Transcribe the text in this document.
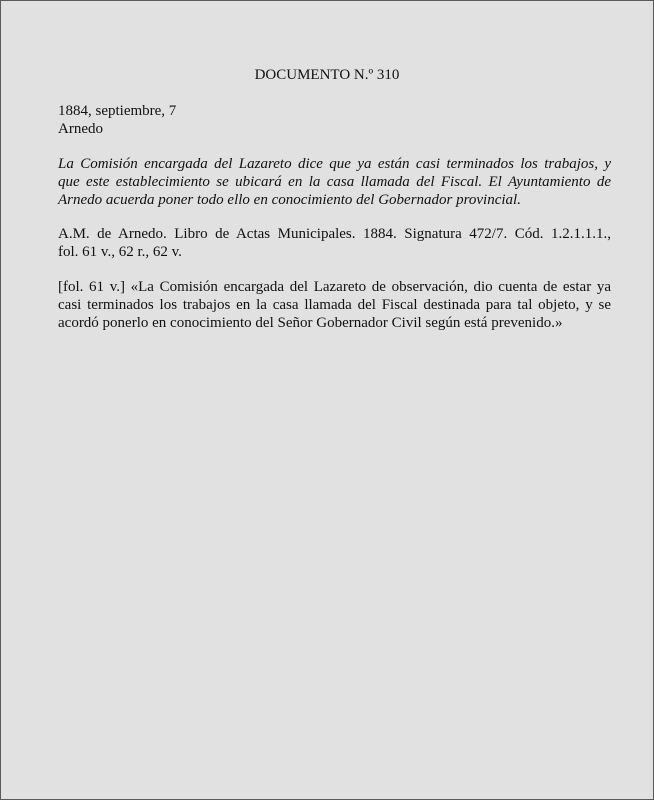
DOCUMENTO N.º 310
1884, septiembre, 7
Arnedo
La Comisión encargada del Lazareto dice que ya están casi terminados los trabajos, y
que este establecimiento se ubicará en la casa llamada del Fiscal. El Ayuntamiento de
Arnedo acuerda poner todo ello en conocimiento del Gobernador provincial.
A.M. de Arnedo. Libro de Actas Municipales. 1884. Signatura 472/7. Cód. 1.2.1.1.1.,
fol. 61 v., 62 r., 62 v.
[fol. 61 v.] «La Comisión encargada del Lazareto de observación, dio cuenta de estar ya
casi terminados los trabajos en la casa llamada del Fiscal destinada para tal objeto, y se
acordó ponerlo en conocimiento del Señor Gobernador Civil según está prevenido.»
